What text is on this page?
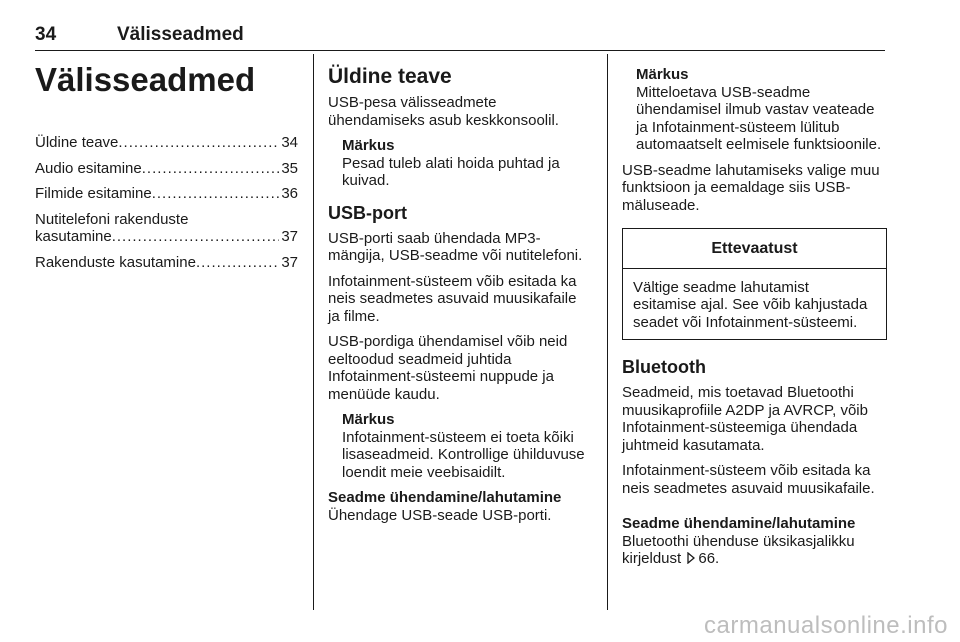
34	Välisseadmed
Välisseadmed
Üldine teave .....	34
Audio esitamine .....	35
Filmide esitamine .....	36
Nutitelefoni rakenduste
kasutamine .....	37
Rakenduste kasutamine .....	37
Üldine teave

USB-pesa välisseadmete ühendamiseks asub keskkonsoolil.

Märkus
Pesad tuleb alati hoida puhtad ja kuivad.
USB-port

USB-porti saab ühendada MP3-mängija, USB-seadme või nutitelefoni.

Infotainment-süsteem võib esitada ka neis seadmetes asuvaid muusikafaile ja filme.

USB-pordiga ühendamisel võib neid eeltoodud seadmeid juhtida Infotainment-süsteemi nuppude ja menüüde kaudu.

Märkus
Infotainment-süsteem ei toeta kõiki lisaseadmeid. Kontrollige ühilduvuse loendit meie veebisaidilt.
Seadme ühendamine/lahutamine

Ühendage USB-seade USB-porti.

Märkus
Mitteloetava USB-seadme ühendamisel ilmub vastav veateade ja Infotainment-süsteem lülitub automaatselt eelmisele funktsioonile.

USB-seadme lahutamiseks valige muu funktsioon ja eemaldage siis USB-mäluseade.

Ettevaatust
Vältige seadme lahutamist esitamise ajal. See võib kahjustada seadet või Infotainment-süsteemi.
Bluetooth

Seadmeid, mis toetavad Bluetoothi muusikaprofiile A2DP ja AVRCP, võib Infotainment-süsteemiga ühendada juhtmeid kasutamata.

Infotainment-süsteem võib esitada ka neis seadmetes asuvaid muusikafaile.

Seadme ühendamine/lahutamine

Bluetoothi ühenduse üksikasjalikku kirjeldust 66.

carmanualsonline.info
